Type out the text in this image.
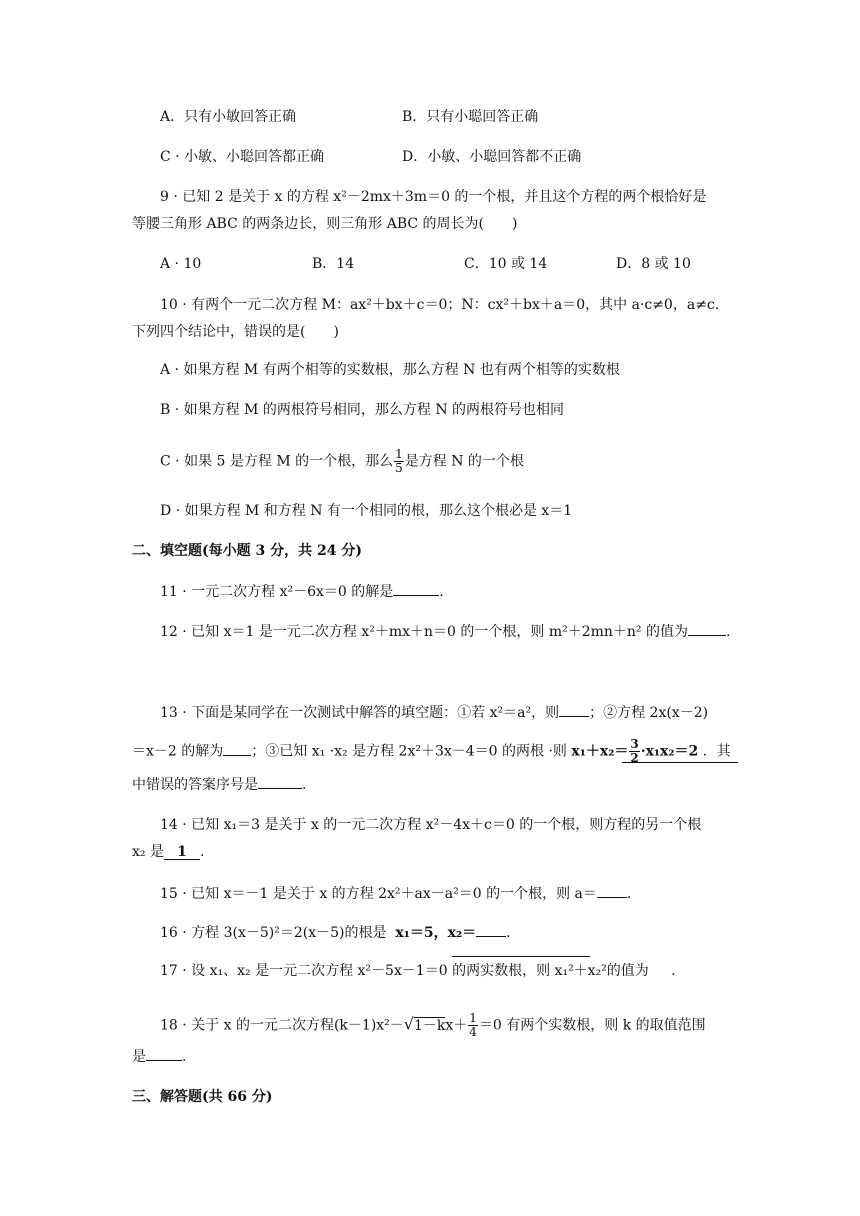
A．只有小敏回答正确	B．只有小聪回答正确
C · 小敏、小聪回答都正确	D．小敏、小聪回答都不正确
9 · 已知 2 是关于 x 的方程 x²－2mx＋3m＝0 的一个根，并且这个方程的两个根恰好是
等腰三角形 ABC 的两条边长，则三角形 ABC 的周长为(　　)
A · 10	B．14	C．10 或 14	D．8 或 10
10 · 有两个一元二次方程 M：ax²＋bx＋c＝0；N：cx²＋bx＋a＝0，其中 a·c≠0，a≠c.
下列四个结论中，错误的是(　　)
A · 如果方程 M 有两个相等的实数根，那么方程 N 也有两个相等的实数根
B · 如果方程 M 的两根符号相同，那么方程 N 的两根符号也相同
C · 如果 5 是方程 M 的一个根，那么 $\frac{1}{5}$ 是方程 N 的一个根
D · 如果方程 M 和方程 N 有一个相同的根，那么这个根必是 x＝1
二、填空题(每小题 3 分，共 24 分)
11 · 一元二次方程 x²－6x＝0 的解是	.
12 · 已知 x＝1 是一元二次方程 x²＋mx＋n＝0 的一个根，则 m²＋2mn＋n² 的值为	.
13 · 下面是某同学在一次测试中解答的填空题：①若 x²＝a²，则 ；②方程 2x(x－2)
＝x－2 的解为 ；③已知 x₁ ·x₂ 是方程 2x²＋3x－4＝0 的两根 ·则 $x_1+x_2= \frac{3}{2} \cdot x_1x_2=2$ ．其
中错误的答案序号是	.
14 · 已知 x₁＝3 是关于 x 的一元二次方程 x²－4x＋c＝0 的一个根，则方程的另一个根
x₂ 是 1 .
15 · 已知 x＝－1 是关于 x 的方程 2x²＋ax－a²＝0 的一个根，则 a＝ .
16 · 方程 3(x－5)²＝2(x－5)的根是 x₁＝5，x₂＝ .
17 · 设 x₁、x₂ 是一元二次方程 x²－5x－1＝0 的两实数根，则 x₁²＋x₂²的值为 .
18 · 关于 x 的一元二次方程$(k-1)x^2-√1-kx+ \frac{1}{4} =0$ 有两个实数根，则 k 的取值范围
是	.
三、解答题(共 66 分)
